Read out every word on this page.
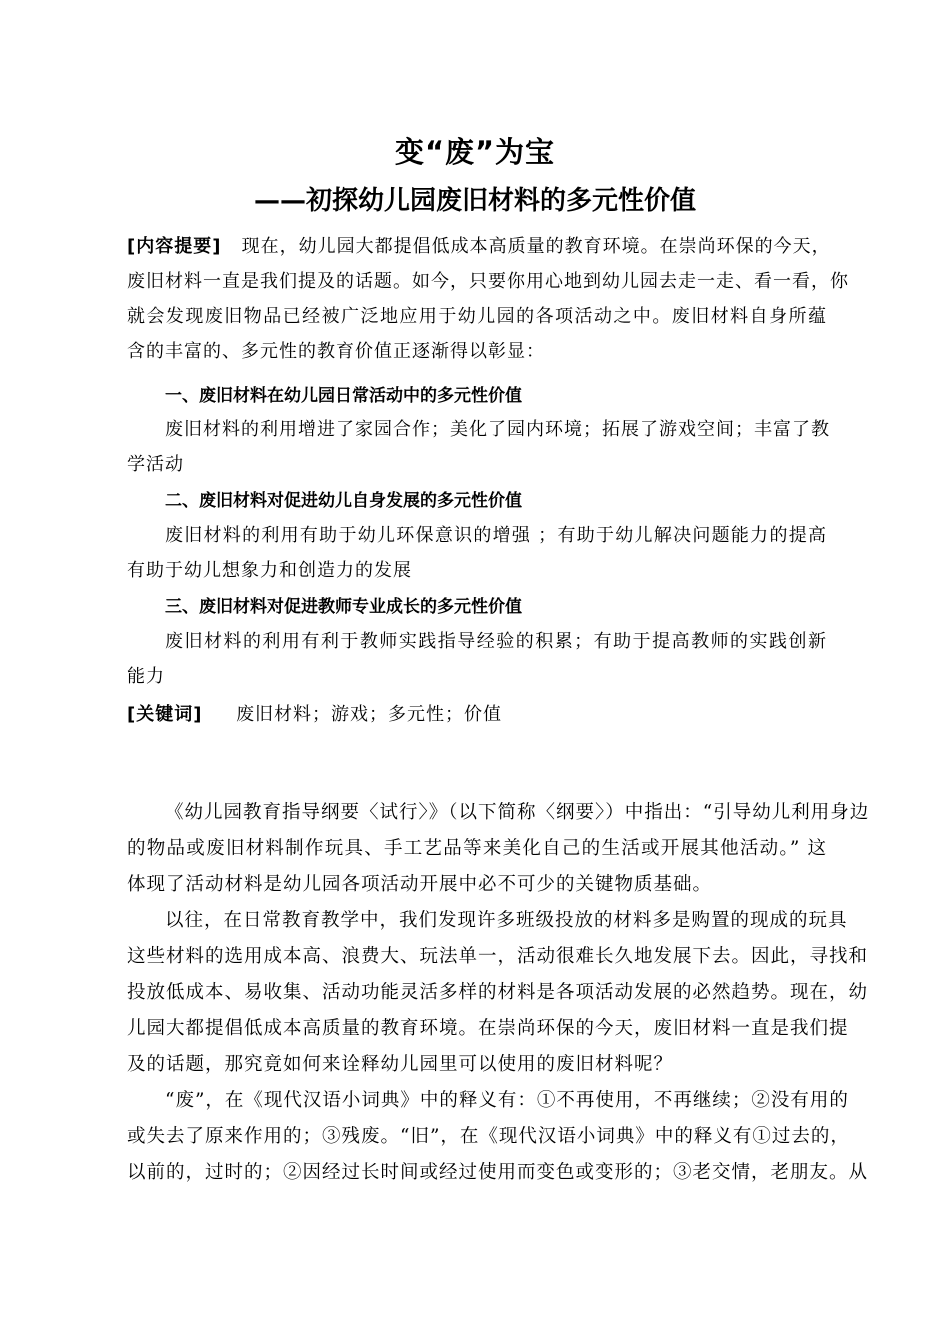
变“废”为宝
——初探幼儿园废旧材料的多元性价值
[内容提要] 现在，幼儿园大都提倡低成本高质量的教育环境。在崇尚环保的今天，
废旧材料一直是我们提及的话题。如今，只要你用心地到幼儿园去走一走、看一看，你
就会发现废旧物品已经被广泛地应用于幼儿园的各项活动之中。废旧材料自身所蕴
含的丰富的、多元性的教育价值正逐渐得以彰显：
一、废旧材料在幼儿园日常活动中的多元性价值
废旧材料的利用增进了家园合作；美化了园内环境；拓展了游戏空间；丰富了教
学活动
二、废旧材料对促进幼儿自身发展的多元性价值
废旧材料的利用有助于幼儿环保意识的增强 ；有助于幼儿解决问题能力的提高
有助于幼儿想象力和创造力的发展
三、废旧材料对促进教师专业成长的多元性价值
废旧材料的利用有利于教师实践指导经验的积累；有助于提高教师的实践创新
能力
[关键词] 废旧材料；游戏；多元性；价值
《幼儿园教育指导纲要〈试行〉》（以下简称〈纲要〉）中指出：“引导幼儿利用身边
的物品或废旧材料制作玩具、手工艺品等来美化自己的生活或开展其他活动。” 这
体现了活动材料是幼儿园各项活动开展中必不可少的关键物质基础。
以往，在日常教育教学中，我们发现许多班级投放的材料多是购置的现成的玩具
这些材料的选用成本高、浪费大、玩法单一，活动很难长久地发展下去。因此，寻找和
投放低成本、易收集、活动功能灵活多样的材料是各项活动发展的必然趋势。现在，幼
儿园大都提倡低成本高质量的教育环境。在崇尚环保的今天，废旧材料一直是我们提
及的话题，那究竟如何来诠释幼儿园里可以使用的废旧材料呢？
“废”，在《现代汉语小词典》中的释义有：①不再使用，不再继续；②没有用的
或失去了原来作用的；③残废。“旧”，在《现代汉语小词典》中的释义有①过去的，
以前的，过时的；②因经过长时间或经过使用而变色或变形的；③老交情，老朋友。从
